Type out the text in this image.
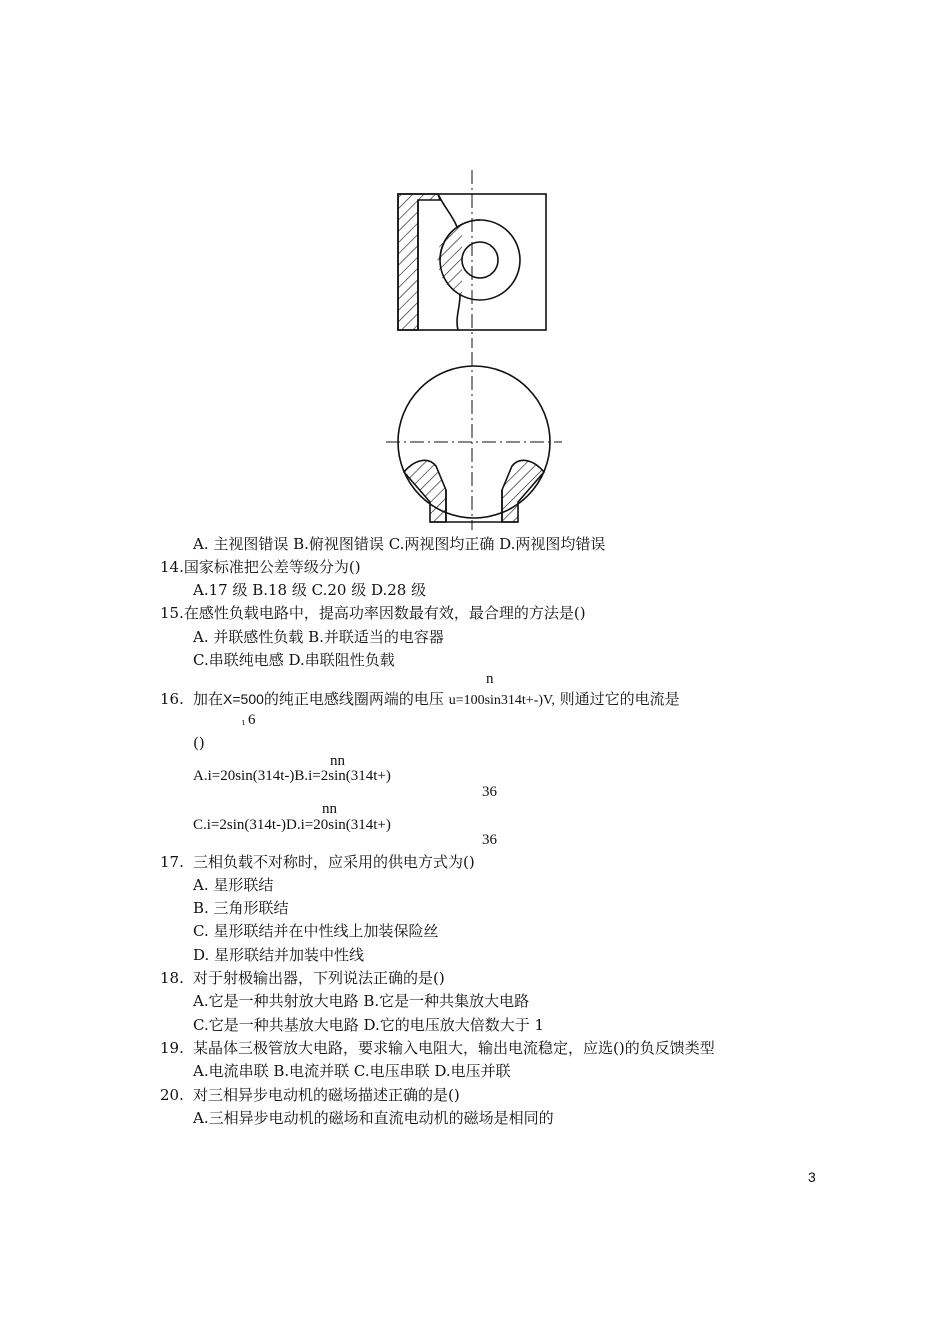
A. 主视图错误 B.俯视图错误 C.两视图均正确 D.两视图均错误
14.国家标准把公差等级分为()
A.17 级 B.18 级 C.20 级 D.28 级
15.在感性负载电路中，提高功率因数最有效，最合理的方法是()
A. 并联感性负载 B.并联适当的电容器
C.串联纯电感 D.串联阻性负载
n
16. 加在X=500的纯正电感线圈两端的电压 u=100sin314t+-)V, 则通过它的电流是
ι 6
()
nn
A.i=20sin(314t-)B.i=2sin(314t+)
36
nn
C.i=2sin(314t-)D.i=20sin(314t+)
36
17. 三相负载不对称时，应采用的供电方式为()
A. 星形联结
B. 三角形联结
C. 星形联结并在中性线上加装保险丝
D. 星形联结并加装中性线
18. 对于射极输出器，下列说法正确的是()
A.它是一种共射放大电路 B.它是一种共集放大电路
C.它是一种共基放大电路 D.它的电压放大倍数大于 1
19. 某晶体三极管放大电路，要求输入电阻大，输出电流稳定，应选()的负反馈类型
A.电流串联 B.电流并联 C.电压串联 D.电压并联
20. 对三相异步电动机的磁场描述正确的是()
A.三相异步电动机的磁场和直流电动机的磁场是相同的
3
